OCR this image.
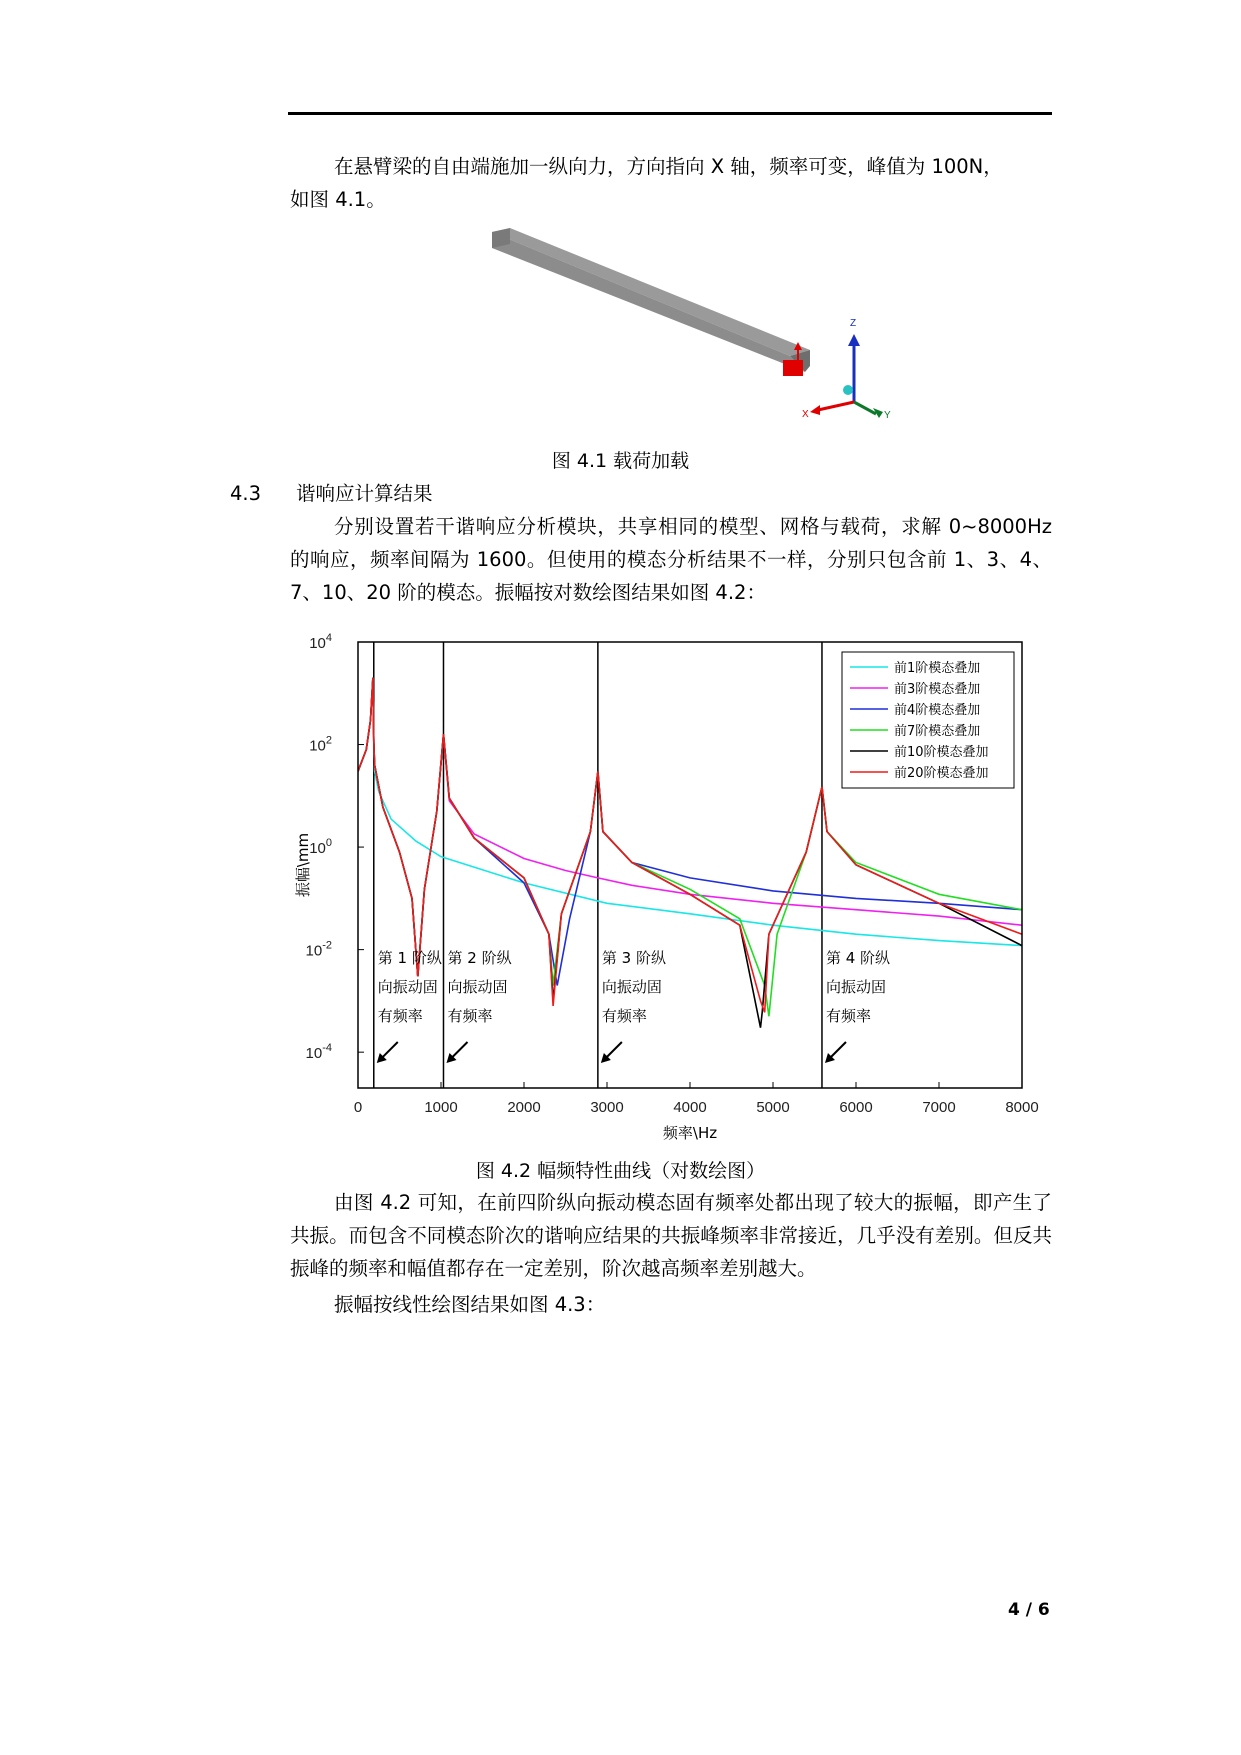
在悬臂梁的自由端施加一纵向力，方向指向 X 轴，频率可变，峰值为 100N，
如图 4.1。
Z
X	Y
图 4.1 载荷加载
4.3 谐响应计算结果
分别设置若干谐响应分析模块，共享相同的模型、网格与载荷，求解 0~8000Hz 的响应，频率间隔为 1600。但使用的模态分析结果不一样，分别只包含前 1、3、4、7、10、20 阶的模态。振幅按对数绘图结果如图 4.2：
0	1000	2000	3000	4000	5000	6000	7000	8000
$10^4$
$10^2$
$10^0$
$10^{-2}$
$10^{-4}$
第 1 阶纵
向振动固
有频率
第 2 阶纵
向振动固
有频率
第 3 阶纵
向振动固
有频率
第 4 阶纵
向振动固
有频率
前1阶模态叠加
前3阶模态叠加
前4阶模态叠加
前7阶模态叠加
前10阶模态叠加
前20阶模态叠加
频率\Hz
振幅\mm
图 4.2 幅频特性曲线（对数绘图）
由图 4.2 可知，在前四阶纵向振动模态固有频率处都出现了较大的振幅，即产生了共振。而包含不同模态阶次的谐响应结果的共振峰频率非常接近，几乎没有差别。但反共振峰的频率和幅值都存在一定差别，阶次越高频率差别越大。
振幅按线性绘图结果如图 4.3：
4 / 6
